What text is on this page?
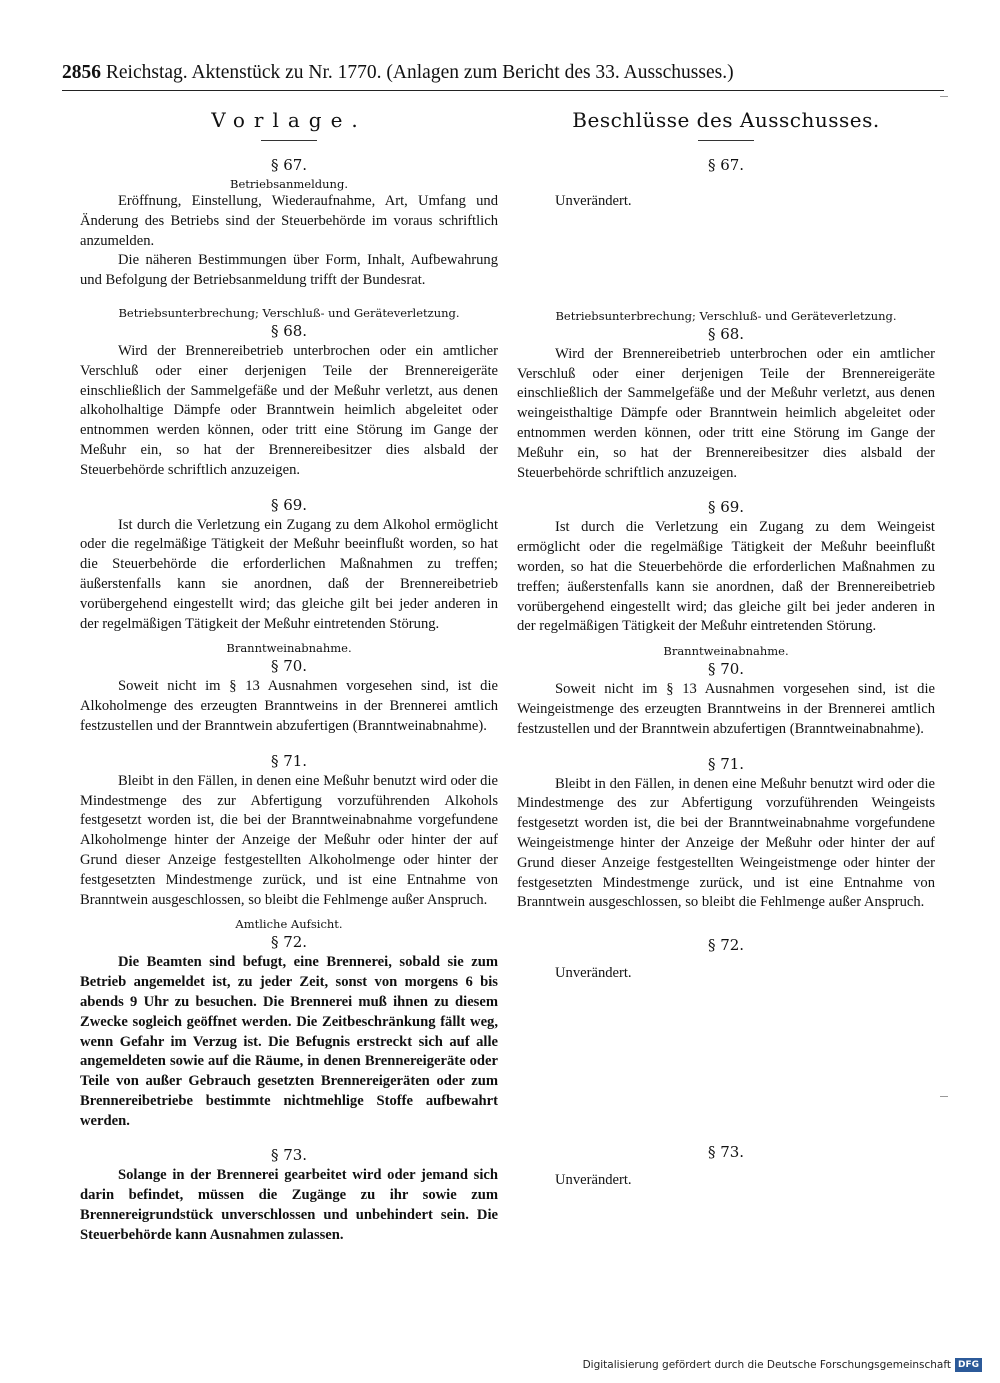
2856 Reichstag. Aktenstück zu Nr. 1770. (Anlagen zum Bericht des 33. Ausschusses.)
Vorlage.
§ 67.
Betriebsanmeldung.

Eröffnung, Einstellung, Wiederaufnahme, Art, Umfang und Änderung des Betriebs sind der Steuerbehörde im voraus schriftlich anzumelden.

Die näheren Bestimmungen über Form, Inhalt, Aufbewahrung und Befolgung der Betriebsanmeldung trifft der Bundesrat.

Betriebsunterbrechung; Verschluß- und Geräteverletzung.
§ 68.

Wird der Brennereibetrieb unterbrochen oder ein amtlicher Verschluß oder einer derjenigen Teile der Brennereigeräte einschließlich der Sammelgefäße und der Meßuhr verletzt, aus denen alkoholhaltige Dämpfe oder Branntwein heimlich abgeleitet oder entnommen werden können, oder tritt eine Störung im Gange der Meßuhr ein, so hat der Brennereibesitzer dies alsbald der Steuerbehörde schriftlich anzuzeigen.

§ 69.

Ist durch die Verletzung ein Zugang zu dem Alkohol ermöglicht oder die regelmäßige Tätigkeit der Meßuhr beeinflußt worden, so hat die Steuerbehörde die erforderlichen Maßnahmen zu treffen; äußerstenfalls kann sie anordnen, daß der Brennereibetrieb vorübergehend eingestellt wird; das gleiche gilt bei jeder anderen in der regelmäßigen Tätigkeit der Meßuhr eintretenden Störung.

Branntweinabnahme.
§ 70.

Soweit nicht im § 13 Ausnahmen vorgesehen sind, ist die Alkoholmenge des erzeugten Branntweins in der Brennerei amtlich festzustellen und der Branntwein abzufertigen (Branntweinabnahme).

§ 71.

Bleibt in den Fällen, in denen eine Meßuhr benutzt wird oder die Mindestmenge des zur Abfertigung vorzuführenden Alkohols festgesetzt worden ist, die bei der Branntweinabnahme vorgefundene Alkoholmenge hinter der Anzeige der Meßuhr oder hinter der auf Grund dieser Anzeige festgestellten Alkoholmenge oder hinter der festgesetzten Mindestmenge zurück, und ist eine Entnahme von Branntwein ausgeschlossen, so bleibt die Fehlmenge außer Anspruch.

Amtliche Aufsicht.
§ 72.

Die Beamten sind befugt, eine Brennerei, sobald sie zum Betrieb angemeldet ist, zu jeder Zeit, sonst von morgens 6 bis abends 9 Uhr zu besuchen. Die Brennerei muß ihnen zu diesem Zwecke sogleich geöffnet werden. Die Zeitbeschränkung fällt weg, wenn Gefahr im Verzug ist. Die Befugnis erstreckt sich auf alle angemeldeten sowie auf die Räume, in denen Brennereigeräte oder Teile von außer Gebrauch gesetzten Brennereigeräten oder zum Brennereibetriebe bestimmte nichtmehlige Stoffe aufbewahrt werden.

§ 73.

Solange in der Brennerei gearbeitet wird oder jemand sich darin befindet, müssen die Zugänge zu ihr sowie zum Brennereigrundstück unverschlossen und unbehindert sein. Die Steuerbehörde kann Ausnahmen zulassen.

Beschlüsse des Ausschusses.
§ 67.

Unverändert.

Betriebsunterbrechung; Verschluß- und Geräteverletzung.
§ 68.

Wird der Brennereibetrieb unterbrochen oder ein amtlicher Verschluß oder einer derjenigen Teile der Brennereigeräte einschließlich der Sammelgefäße und der Meßuhr verletzt, aus denen weingeisthaltige Dämpfe oder Branntwein heimlich abgeleitet oder entnommen werden können, oder tritt eine Störung im Gange der Meßuhr ein, so hat der Brennereibesitzer dies alsbald der Steuerbehörde schriftlich anzuzeigen.

§ 69.

Ist durch die Verletzung ein Zugang zu dem Weingeist ermöglicht oder die regelmäßige Tätigkeit der Meßuhr beeinflußt worden, so hat die Steuerbehörde die erforderlichen Maßnahmen zu treffen; äußerstenfalls kann sie anordnen, daß der Brennereibetrieb vorübergehend eingestellt wird; das gleiche gilt bei jeder anderen in der regelmäßigen Tätigkeit der Meßuhr eintretenden Störung.

Branntweinabnahme.
§ 70.

Soweit nicht im § 13 Ausnahmen vorgesehen sind, ist die Weingeistmenge des erzeugten Branntweins in der Brennerei amtlich festzustellen und der Branntwein abzufertigen (Branntweinabnahme).

§ 71.

Bleibt in den Fällen, in denen eine Meßuhr benutzt wird oder die Mindestmenge des zur Abfertigung vorzuführenden Weingeists festgesetzt worden ist, die bei der Branntweinabnahme vorgefundene Weingeistmenge hinter der Anzeige der Meßuhr oder hinter der auf Grund dieser Anzeige festgestellten Weingeistmenge oder hinter der festgesetzten Mindestmenge zurück, und ist eine Entnahme von Branntwein ausgeschlossen, so bleibt die Fehlmenge außer Anspruch.

§ 72.

Unverändert.

§ 73.

Unverändert.

Digitalisierung gefördert durch die Deutsche Forschungsgemeinschaft DFG
